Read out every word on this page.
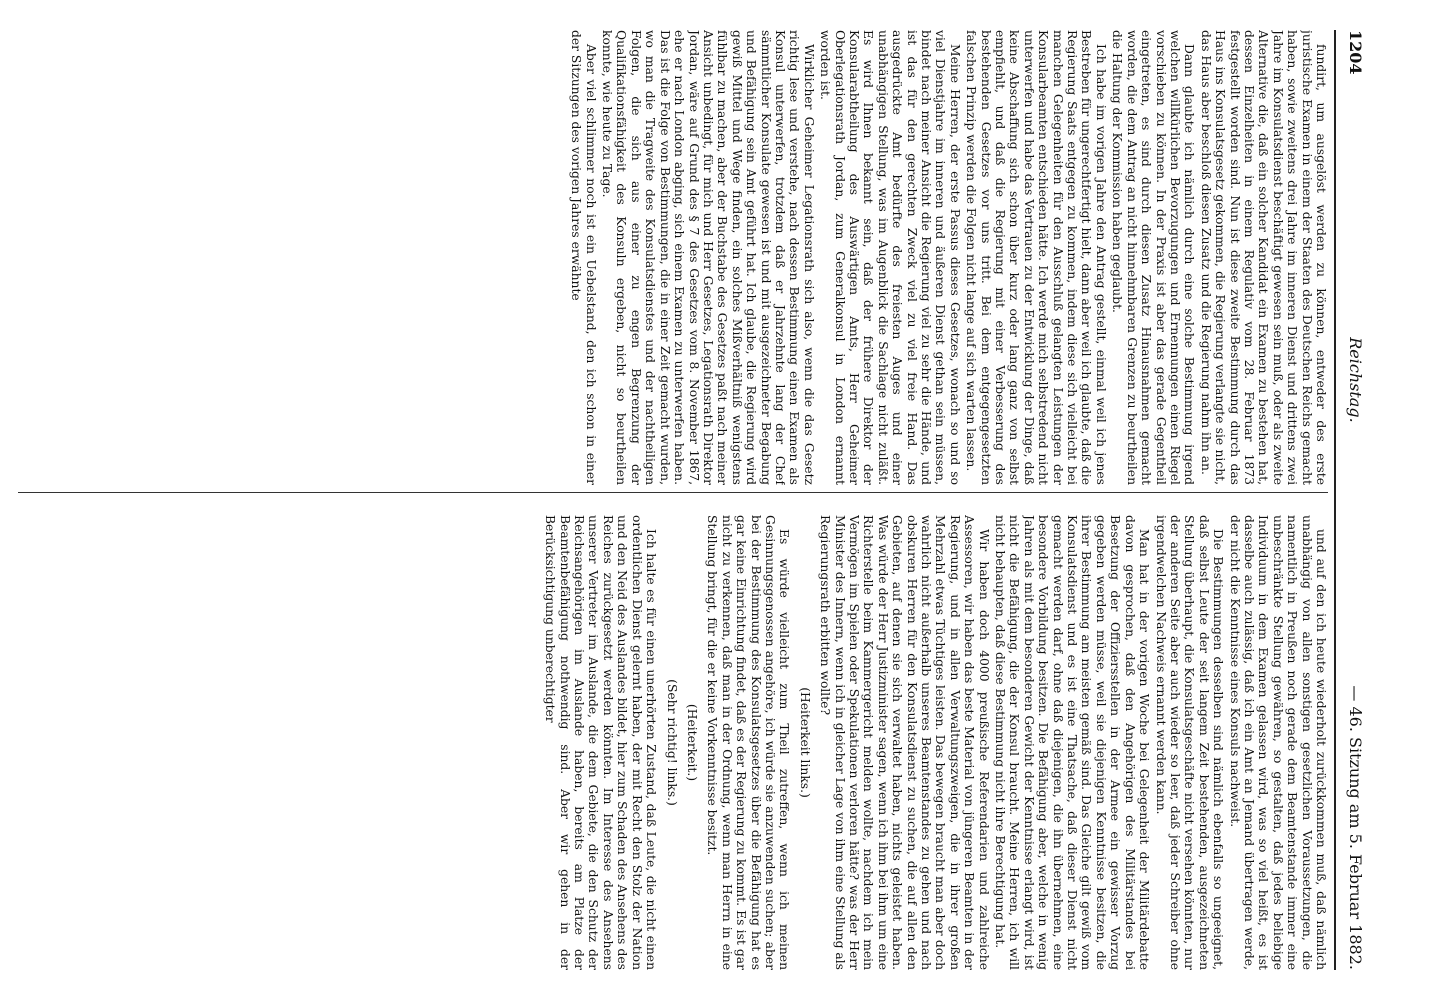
1204
Reichstag.
— 46. Sitzung am 5. Februar 1882.

fundirt, um ausgelöst werden zu können, entweder des erste juristische Examen in einem der Staaten des Deutschen Reichs gemacht haben, sowie zweitens drei Jahre im inneren Dienst und drittens zwei Jahre im Konsulatsdienst beschäftigt gewesen sein muß, oder als zweite Alternative die, daß ein solcher Kandidat ein Examen zu bestehen hat, dessen Einzelheiten in einem Regulativ vom 28. Februar 1873 festgestellt worden sind. Nun ist diese zweite Bestimmung durch das Haus ins Konsulatsgesetz gekommen, die Regierung verlangte sie nicht, das Haus aber beschloß diesen Zusatz und die Regierung nahm ihn an.

Dann glaubte ich nämlich durch eine solche Bestimmung irgend welchen willkürlichen Bevorzugungen und Ernennungen einen Riegel vorschieben zu können. In der Praxis ist aber das gerade Gegentheil eingetreten, es sind durch diesen Zusatz Hinausnahmen gemacht worden, die dem Antrag an nicht hinnehmbaren Grenzen zu beurtheilen die Haltung der Kommission haben geglaubt.

Ich habe im vorigen Jahre den Antrag gestellt, einmal weil ich jenes Bestreben für ungerechtfertigt hielt, dann aber weil ich glaubte, daß die Regierung Saats entgegen zu kommen, indem diese sich vielleicht bei manchen Gelegenheiten für den Ausschluß gelangten Leistungen der Konsularbeamten entschieden hätte. Ich werde mich selbstredend nicht unterwerfen und habe das Vertrauen zu der Entwicklung der Dinge, daß keine Abschaffung sich schon über kurz oder lang ganz von selbst empfiehlt, und daß die Regierung mit einer Verbesserung des bestehenden Gesetzes vor uns tritt. Bei dem entgegengesetzten falschen Prinzip werden die Folgen nicht lange auf sich warten lassen.

Meine Herren, der erste Passus dieses Gesetzes, wonach so und so viel Dienstjahre im inneren und äußeren Dienst gethan sein müssen, bindet nach meiner Ansicht die Regierung viel zu sehr die Hände, und ist das für den gerechten Zweck viel zu viel freie Hand. Das ausgedrückte Amt bedürfte des freiesten Auges und einer unabhängigen Stellung, was im Augenblick die Sachlage nicht zuläßt. Es wird Ihnen bekannt sein, daß der frühere Direktor der Konsularabtheilung des Auswärtigen Amts, Herr Geheimer Oberlegationsrath Jordan, zum Generalkonsul in London ernannt worden ist.

Wirklicher Geheimer Legationsrath sich also, wenn die das Gesetz richtig lese und verstehe, nach dessen Bestimmung einen Examen als Konsul unterwerfen, trotzdem daß er Jahrzehnte lang der Chef sämmtlicher Konsulate gewesen ist und mit ausgezeichneter Begabung und Befähigung sein Amt geführt hat. Ich glaube, die Regierung wird gewiß Mittel und Wege finden, ein solches Mißverhältniß wenigstens fühlbar zu machen, aber der Buchstabe des Gesetzes paßt nach meiner Ansicht unbedingt, für mich und Herr Gesetzes, Legationsrath Direktor Jordan, wäre auf Grund des § 7 des Gesetzes vom 8. November 1867, ehe er nach London abging, sich einem Examen zu unterwerfen haben. Das ist die Folge von Bestimmungen, die in einer Zeit gemacht wurden, wo man die Tragweite des Konsulatsdienstes und der nachtheiligen Folgen, die sich aus einer zu engen Begrenzung der Qualifikationsfähigkeit des Konsuln ergeben, nicht so beurtheilen konnte, wie heute zu Tage.

Aber viel schlimmer noch ist ein Uebelstand, den ich schon in einer der Sitzungen des vorigen Jahres erwähnte

und auf den ich heute wiederholt zurückkommen muß, daß nämlich unabhängig von allen sonstigen gesetzlichen Voraussetzungen, die namentlich in Preußen noch gerade dem Beamtenstande immer eine unbeschränkte Stellung gewähren, so gestalten, daß jedes beliebige Individuum in dem Examen gelassen wird, was so viel heißt, es ist dasselbe auch zulässig, daß ich ein Amt an Jemand übertragen werde, der nicht die Kenntnisse eines Konsuls nachweist.

Die Bestimmungen desselben sind nämlich ebenfalls so ungeeignet, daß selbst Leute der seit langem Zeit bestehenden, ausgezeichneten Stellung überhaupt, die Konsulatsgeschäfte nicht versehen könnten, nur der anderen Seite aber auch wieder so leer, daß jeder Schreiber ohne irgendwelchen Nachweis ernannt werden kann.

Man hat in der vorigen Woche bei Gelegenheit der Militärdebatte davon gesprochen, daß den Angehörigen des Militärstandes bei Besetzung der Offiziersstellen in der Armee ein gewisser Vorzug gegeben werden müsse, weil sie diejenigen Kenntnisse besitzen, die ihrer Bestimmung am meisten gemäß sind. Das Gleiche gilt gewiß vom Konsulatsdienst und es ist eine Thatsache, daß dieser Dienst nicht gemacht werden darf, ohne daß diejenigen, die ihn übernehmen, eine besondere Vorbildung besitzen. Die Befähigung aber, welche in wenig Jahren als mit dem besonderen Gewicht der Kenntnisse erlangt wird, ist nicht die Befähigung, die der Konsul braucht. Meine Herren, ich will nicht behaupten, daß diese Bestimmung nicht ihre Berechtigung hat.

Wir haben doch 4000 preußische Referendarien und zahlreiche Assessoren, wir haben das beste Material von jüngeren Beamten in der Regierung, und in allen Verwaltungszweigen, die in ihrer großen Mehrzahl etwas Tüchtiges leisten. Das bewegen braucht man aber doch wahrlich nicht außerhalb unseres Beamtenstandes zu gehen und nach obskuren Herren für den Konsulatsdienst zu suchen, die auf allen den Gebieten, auf denen sie sich verwaltet haben, nichts geleistet haben. Was würde der Herr Justizminister sagen, wenn ich ihm bei ihm um eine Richterstelle beim Kammergericht melden wollte, nachdem ich mein Vermögen im Spielen oder Spekulationen verloren hätte? was der Herr Minister des Innern, wenn ich in gleicher Lage von ihm eine Stellung als Regierungsrath erbitten wollte?

(Heiterkeit links.)

Es würde vielleicht zum Theil zutreffen, wenn ich meinen Gesinnungsgenossen angehöre, ich würde sie anzuwenden suchen; aber bei der Bestimmung des Konsulatsgesetzes über die Befähigung hat es gar keine Einrichtung findet, daß es der Regierung zu kommt. Es ist gar nicht zu verkennen, daß man in der Ordnung, wenn man Herrn in eine Stellung bringt, für die er keine Vorkenntnisse besitzt.

(Heiterkeit.)

(Sehr richtig! links.)

Ich halte es für einen unerhörten Zustand, daß Leute, die nicht einen ordentlichen Dienst gelernt haben, der mit Recht den Stolz der Nation und den Neid des Auslandes bildet, hier zum Schaden des Ansehens des Reiches zurückgesetzt werden könnten. Im Interesse des Ansehens unserer Vertreter im Auslande, die dem Gebiete, die den Schutz der Reichsangehörigen im Auslande haben, bereits am Platze der Beamtenbefähigung nothwendig sind. Aber wir gehen in der Berücksichtigung unberechtigter
